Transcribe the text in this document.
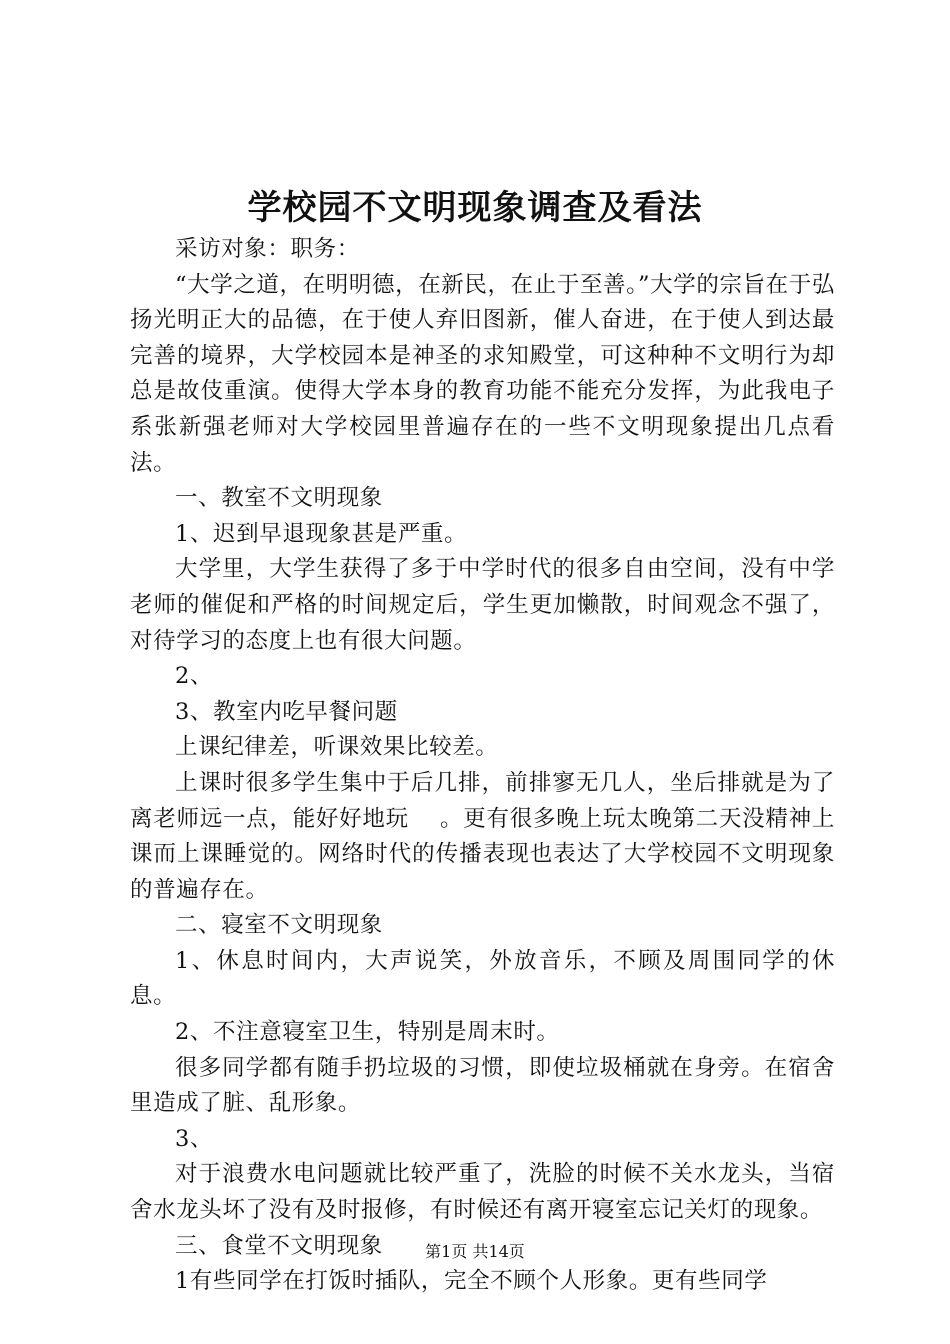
学校园不文明现象调查及看法

采访对象：职务：

“大学之道，在明明德，在新民，在止于至善。”大学的宗旨在于弘扬光明正大的品德，在于使人弃旧图新，催人奋进，在于使人到达最完善的境界，大学校园本是神圣的求知殿堂，可这种种不文明行为却总是故伎重演。使得大学本身的教育功能不能充分发挥，为此我电子系张新强老师对大学校园里普遍存在的一些不文明现象提出几点看法。

一、教室不文明现象

1、迟到早退现象甚是严重。

大学里，大学生获得了多于中学时代的很多自由空间，没有中学老师的催促和严格的时间规定后，学生更加懒散，时间观念不强了，对待学习的态度上也有很大问题。

2、

3、教室内吃早餐问题

上课纪律差，听课效果比较差。

上课时很多学生集中于后几排，前排寥无几人，坐后排就是为了离老师远一点，能好好地玩　 。更有很多晚上玩太晚第二天没精神上课而上课睡觉的。网络时代的传播表现也表达了大学校园不文明现象的普遍存在。

二、寝室不文明现象

1、休息时间内，大声说笑，外放音乐，不顾及周围同学的休息。

2、不注意寝室卫生，特别是周末时。

很多同学都有随手扔垃圾的习惯，即使垃圾桶就在身旁。在宿舍里造成了脏、乱形象。

3、

对于浪费水电问题就比较严重了，洗脸的时候不关水龙头，当宿舍水龙头坏了没有及时报修，有时候还有离开寝室忘记关灯的现象。

三、食堂不文明现象

1有些同学在打饭时插队，完全不顾个人形象。更有些同学

第1页 共14页
